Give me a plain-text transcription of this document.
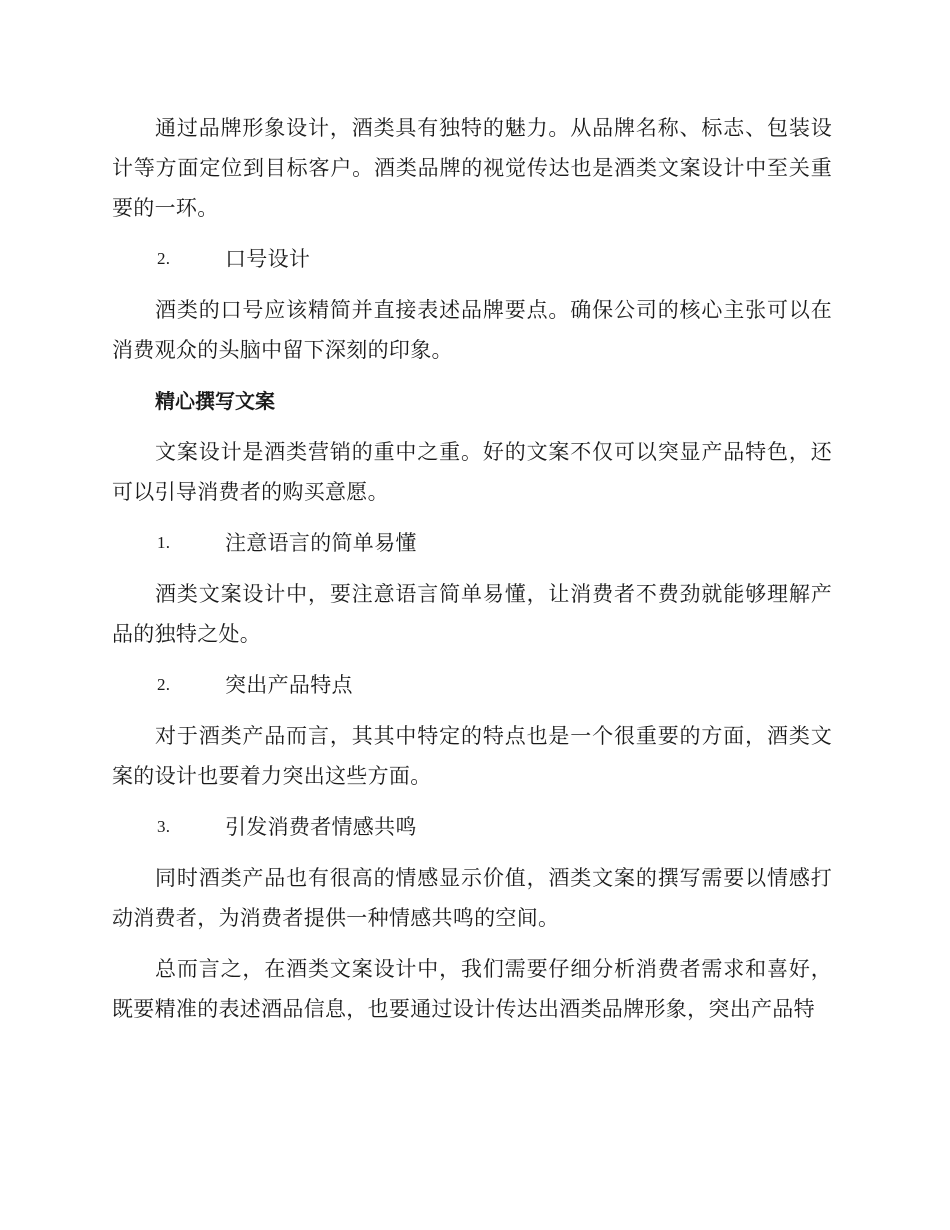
通过品牌形象设计，酒类具有独特的魅力。从品牌名称、标志、包装设计等方面定位到目标客户。酒类品牌的视觉传达也是酒类文案设计中至关重要的一环。

2.	口号设计

酒类的口号应该精简并直接表述品牌要点。确保公司的核心主张可以在消费观众的头脑中留下深刻的印象。

精心撰写文案

文案设计是酒类营销的重中之重。好的文案不仅可以突显产品特色，还可以引导消费者的购买意愿。

1.	注意语言的简单易懂

酒类文案设计中，要注意语言简单易懂，让消费者不费劲就能够理解产品的独特之处。

2.	突出产品特点

对于酒类产品而言，其其中特定的特点也是一个很重要的方面，酒类文案的设计也要着力突出这些方面。

3.	引发消费者情感共鸣

同时酒类产品也有很高的情感显示价值，酒类文案的撰写需要以情感打动消费者，为消费者提供一种情感共鸣的空间。

总而言之，在酒类文案设计中，我们需要仔细分析消费者需求和喜好，既要精准的表述酒品信息，也要通过设计传达出酒类品牌形象，突出产品特
